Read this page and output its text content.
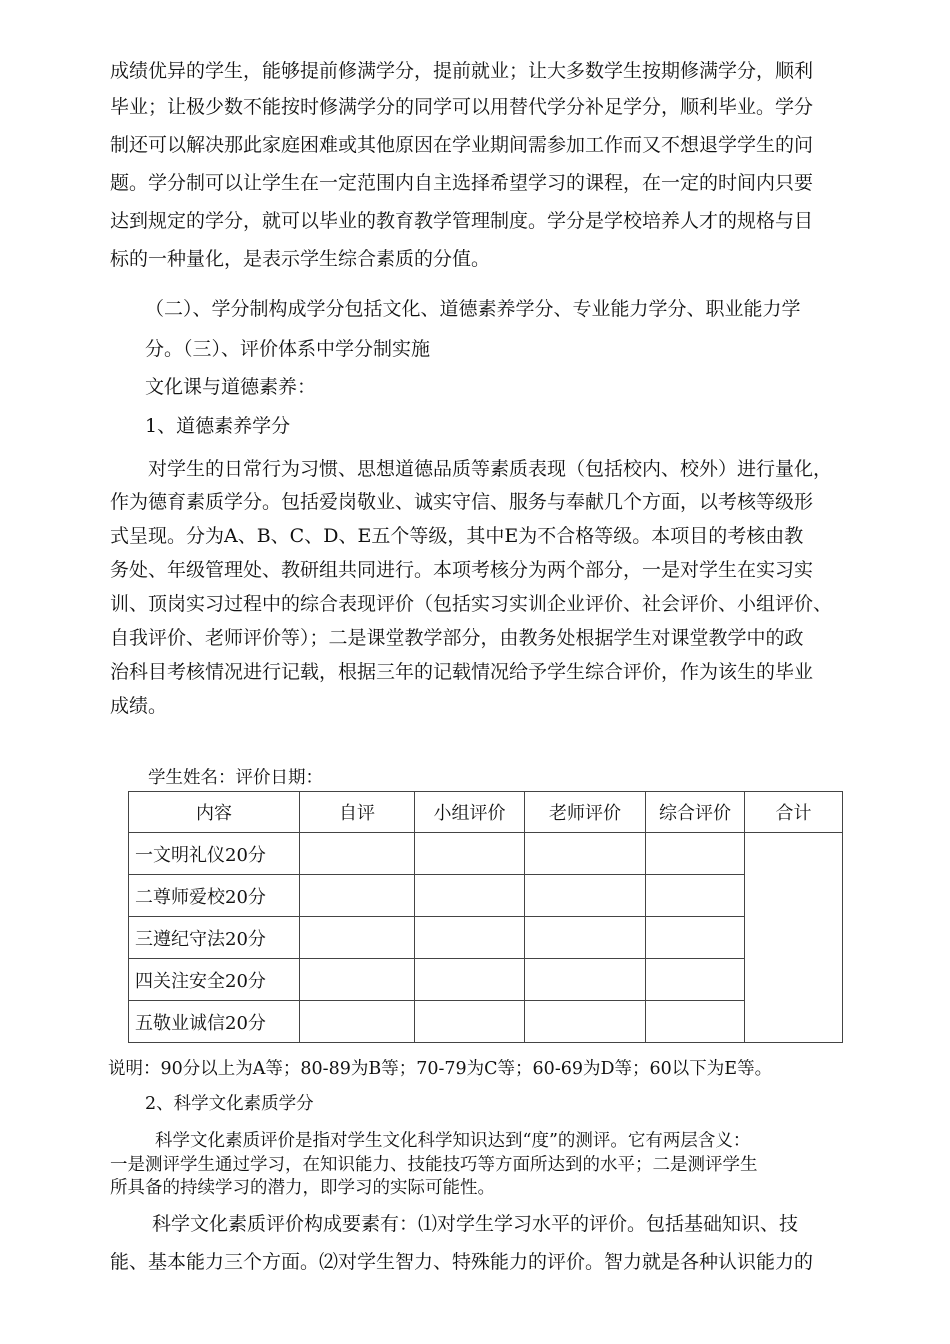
成绩优异的学生，能够提前修满学分，提前就业；让大多数学生按期修满学分，顺利
毕业；让极少数不能按时修满学分的同学可以用替代学分补足学分，顺利毕业。学分
制还可以解决那此家庭困难或其他原因在学业期间需参加工作而又不想退学学生的问
题。学分制可以让学生在一定范围内自主选择希望学习的课程，在一定的时间内只要
达到规定的学分，就可以毕业的教育教学管理制度。学分是学校培养人才的规格与目
标的一种量化，是表示学生综合素质的分值。
（二）、学分制构成学分包括文化、道德素养学分、专业能力学分、职业能力学
分。（三）、评价体系中学分制实施
文化课与道德素养：
1、道德素养学分
对学生的日常行为习惯、思想道德品质等素质表现（包括校内、校外）进行量化，
作为德育素质学分。包括爱岗敬业、诚实守信、服务与奉献几个方面，以考核等级形
式呈现。分为A、B、C、D、E五个等级，其中E为不合格等级。本项目的考核由教
务处、年级管理处、教研组共同进行。本项考核分为两个部分，一是对学生在实习实
训、顶岗实习过程中的综合表现评价（包括实习实训企业评价、社会评价、小组评价、
自我评价、老师评价等）；二是课堂教学部分，由教务处根据学生对课堂教学中的政
治科目考核情况进行记载，根据三年的记载情况给予学生综合评价，作为该生的毕业
成绩。
学生姓名：评价日期：
内容	自评	小组评价	老师评价	综合评价	合计
一文明礼仪20分					
二尊师爱校20分					
三遵纪守法20分					
四关注安全20分					
五敬业诚信20分					
说明：90分以上为A等；80-89为B等；70-79为C等；60-69为D等；60以下为E等。
2、科学文化素质学分
科学文化素质评价是指对学生文化科学知识达到“度”的测评。它有两层含义：
一是测评学生通过学习，在知识能力、技能技巧等方面所达到的水平；二是测评学生
所具备的持续学习的潜力，即学习的实际可能性。
科学文化素质评价构成要素有：⑴对学生学习水平的评价。包括基础知识、技
能、基本能力三个方面。⑵对学生智力、特殊能力的评价。智力就是各种认识能力的
